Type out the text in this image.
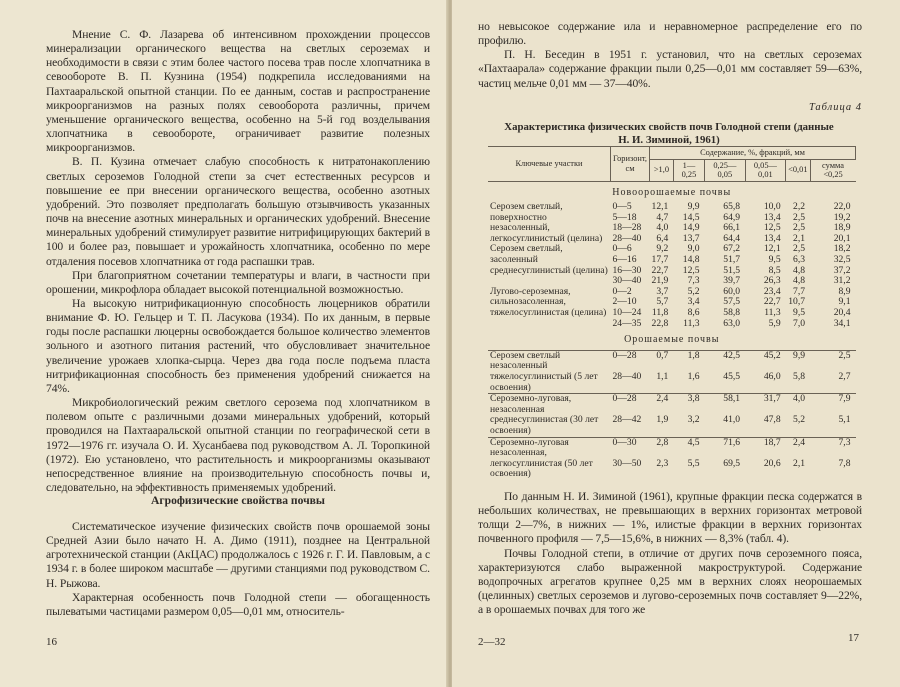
Мнение С. Ф. Лазарева об интенсивном прохождении процессов минерализации органического вещества на светлых сероземах и необходимости в связи с этим более частого посева трав после хлопчатника в севообороте В. П. Кузнина (1954) подкрепила исследованиями на Пахтааральской опытной станции. По ее данным, состав и распространение микроорганизмов на разных полях севооборота различны, причем уменьшение органического вещества, особенно на 5-й год возделывания хлопчатника в севообороте, ограничивает развитие полезных микроорганизмов.

В. П. Кузина отмечает слабую способность к нитратонакоплению светлых сероземов Голодной степи за счет естественных ресурсов и повышение ее при внесении органического вещества, особенно азотных удобрений. Это позволяет предполагать большую отзывчивость указанных почв на внесение азотных минеральных и органических удобрений. Внесение минеральных удобрений стимулирует развитие нитрифицирующих бактерий в 100 и более раз, повышает и урожайность хлопчатника, особенно по мере отдаления посевов хлопчатника от года распашки трав.

При благоприятном сочетании температуры и влаги, в частности при орошении, микрофлора обладает высокой потенциальной возможностью.

На высокую нитрификационную способность люцерников обратили внимание Ф. Ю. Гельцер и Т. П. Ласукова (1934). По их данным, в первые годы после распашки люцерны освобождается большое количество элементов зольного и азотного питания растений, что обусловливает значительное увеличение урожаев хлопка-сырца. Через два года после подъема пласта нитрификационная способность без применения удобрений снижается на 74%.

Микробиологический режим светлого серозема под хлопчатником в полевом опыте с различными дозами минеральных удобрений, который проводился на Пахтааральской опытной станции по географической сети в 1972—1976 гг. изучала О. И. Хусанбаева под руководством А. Л. Торопкиной (1972). Ею установлено, что растительность и микроорганизмы оказывают непосредственное влияние на производительную способность почвы и, следовательно, на эффективность применяемых удобрений.

Агрофизические свойства почвы

Систематическое изучение физических свойств почв орошаемой зоны Средней Азии было начато Н. А. Димо (1911), позднее на Центральной агротехнической станции (АкЦАС) продолжалось с 1926 г. Г. И. Павловым, а с 1934 г. в более широком масштабе — другими станциями под руководством С. Н. Рыжова.

Характерная особенность почв Голодной степи — обогащенность пылеватыми частицами размером 0,05—0,01 мм, относитель-

16

но невысокое содержание ила и неравномерное распределение его по профилю.

П. Н. Беседин в 1951 г. установил, что на светлых сероземах «Пахтаарала» содержание фракции пыли 0,25—0,01 мм составляет 59—63%, частиц мельче 0,01 мм — 37—40%.

Таблица 4
Характеристика физических свойств почв Голодной степи (данные Н. И. Зиминой, 1961)
Ключевые участки	Горизонт, см	Содержание, %, фракций, мм					
		>1,0	1—0,25	0,25—0,05	0,05—0,01	<0,01	сумма <0,25
Новоорошаемые почвы							
Серозем светлый, поверхностно незасоленный, легкосуглинистый (целина)	0—5	12,1	9,9	65,8	10,0	2,2	22,0
	5—18	4,7	14,5	64,9	13,4	2,5	19,2
	18—28	4,0	14,9	66,1	12,5	2,5	18,9
	28—40	6,4	13,7	64,4	13,4	2,1	20,1
Серозем светлый, засоленный среднесуглинистый (целина)	0—6	9,2	9,0	67,2	12,1	2,5	18,2
	6—16	17,7	14,8	51,7	9,5	6,3	32,5
	16—30	22,7	12,5	51,5	8,5	4,8	37,2
	30—40	21,9	7,3	39,7	26,3	4,8	31,2
Лугово-сероземная, сильнозасоленная, тяжелосуглинистая (целина)	0—2	3,7	5,2	60,0	23,4	7,7	8,9
	2—10	5,7	3,4	57,5	22,7	10,7	9,1
	10—24	11,8	8,6	58,8	11,3	9,5	20,4
	24—35	22,8	11,3	63,0	5,9	7,0	34,1
Орошаемые почвы							
Серозем светлый незасоленный тяжелосуглинистый (5 лет освоения)	0—28	0,7	1,8	42,5	45,2	9,9	2,5
	28—40	1,1	1,6	45,5	46,0	5,8	2,7
Сероземно-луговая, незасоленная среднесуглинистая (30 лет освоения)	0—28	2,4	3,8	58,1	31,7	4,0	7,9
	28—42	1,9	3,2	41,0	47,8	5,2	5,1
Сероземно-луговая незасоленная, легкосуглинистая (50 лет освоения)	0—30	2,8	4,5	71,6	18,7	2,4	7,3
	30—50	2,3	5,5	69,5	20,6	2,1	7,8

По данным Н. И. Зиминой (1961), крупные фракции песка содержатся в небольших количествах, не превышающих в верхних горизонтах метровой толщи 2—7%, в нижних — 1%, илистые фракции в верхних горизонтах почвенного профиля — 7,5—15,6%, в нижних — 8,3% (табл. 4).

Почвы Голодной степи, в отличие от других почв сероземного пояса, характеризуются слабо выраженной макроструктурой. Содержание водопрочных агрегатов крупнее 0,25 мм в верхних слоях неорошаемых (целинных) светлых сероземов и лугово-сероземных почв составляет 9—22%, а в орошаемых почвах для того же

2—32	17
